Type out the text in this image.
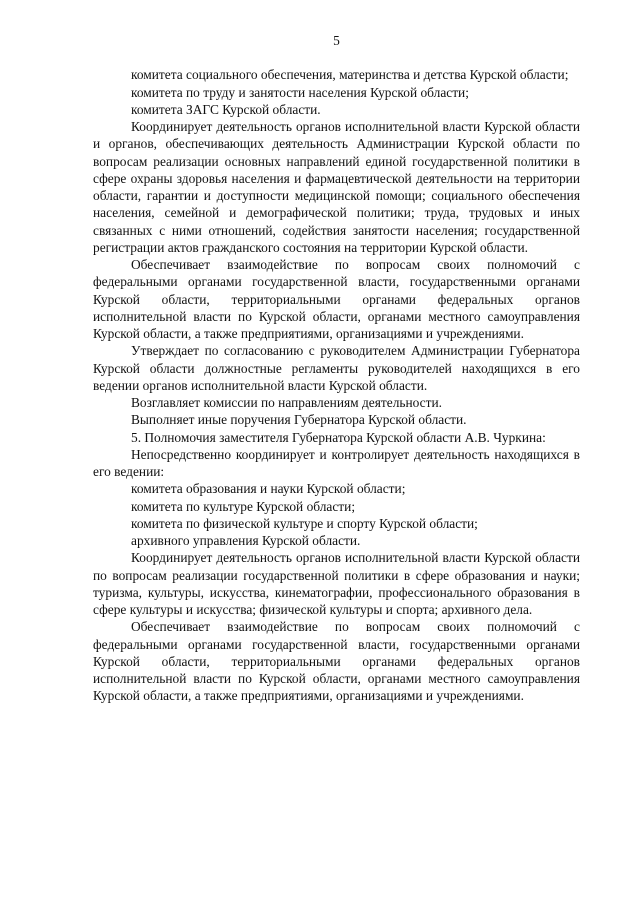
5

комитета социального обеспечения, материнства и детства Курской области;

комитета по труду и занятости населения Курской области;

комитета ЗАГС Курской области.

Координирует деятельность органов исполнительной власти Курской области и органов, обеспечивающих деятельность Администрации Курской области по вопросам реализации основных направлений единой государственной политики в сфере охраны здоровья населения и фармацевтической деятельности на территории области, гарантии и доступности медицинской помощи; социального обеспечения населения, семейной и демографической политики; труда, трудовых и иных связанных с ними отношений, содействия занятости населения; государственной регистрации актов гражданского состояния на территории Курской области.

Обеспечивает взаимодействие по вопросам своих полномочий с федеральными органами государственной власти, государственными органами Курской области, территориальными органами федеральных органов исполнительной власти по Курской области, органами местного самоуправления Курской области, а также предприятиями, организациями и учреждениями.

Утверждает по согласованию с руководителем Администрации Губернатора Курской области должностные регламенты руководителей находящихся в его ведении органов исполнительной власти Курской области.

Возглавляет комиссии по направлениям деятельности.

Выполняет иные поручения Губернатора Курской области.

5. Полномочия заместителя Губернатора Курской области А.В. Чуркина:

Непосредственно координирует и контролирует деятельность находящихся в его ведении:

комитета образования и науки Курской области;

комитета по культуре Курской области;

комитета по физической культуре и спорту Курской области;

архивного управления Курской области.

Координирует деятельность органов исполнительной власти Курской области по вопросам реализации государственной политики в сфере образования и науки; туризма, культуры, искусства, кинематографии, профессионального образования в сфере культуры и искусства; физической культуры и спорта; архивного дела.

Обеспечивает взаимодействие по вопросам своих полномочий с федеральными органами государственной власти, государственными органами Курской области, территориальными органами федеральных органов исполнительной власти по Курской области, органами местного самоуправления Курской области, а также предприятиями, организациями и учреждениями.
